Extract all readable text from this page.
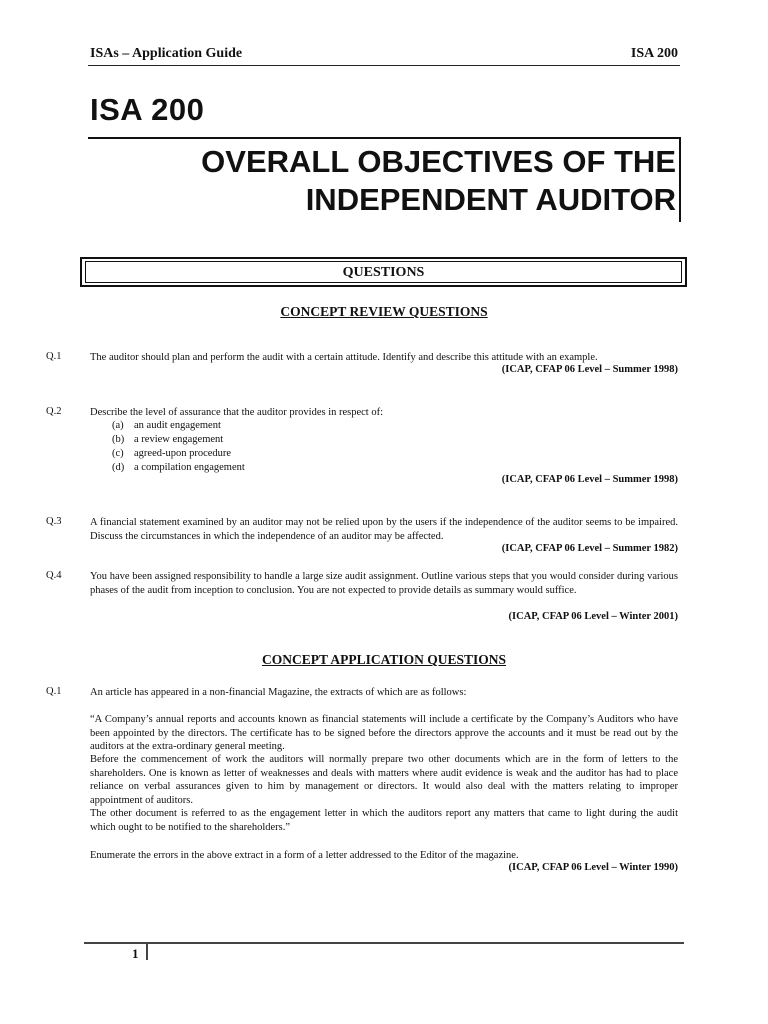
ISAs – Application Guide	ISA 200
ISA 200
OVERALL OBJECTIVES OF THE
INDEPENDENT AUDITOR
QUESTIONS
CONCEPT REVIEW QUESTIONS
Q.1	The auditor should plan and perform the audit with a certain attitude. Identify and describe this attitude with an example.
(ICAP, CFAP 06 Level – Summer 1998)
Q.2	Describe the level of assurance that the auditor provides in respect of:
(a) an audit engagement
(b) a review engagement
(c) agreed-upon procedure
(d) a compilation engagement
(ICAP, CFAP 06 Level – Summer 1998)
Q.3	A financial statement examined by an auditor may not be relied upon by the users if the independence of the auditor seems to be impaired. Discuss the circumstances in which the independence of an auditor may be affected.
(ICAP, CFAP 06 Level – Summer 1982)
Q.4	You have been assigned responsibility to handle a large size audit assignment. Outline various steps that you would consider during various phases of the audit from inception to conclusion. You are not expected to provide details as summary would suffice.
(ICAP, CFAP 06 Level – Winter 2001)
CONCEPT APPLICATION QUESTIONS
Q.1	An article has appeared in a non-financial Magazine, the extracts of which are as follows:
“A Company’s annual reports and accounts known as financial statements will include a certificate by the Company’s Auditors who have been appointed by the directors. The certificate has to be signed before the directors approve the accounts and it must be read out by the auditors at the extra-ordinary general meeting.
Before the commencement of work the auditors will normally prepare two other documents which are in the form of letters to the shareholders. One is known as letter of weaknesses and deals with matters where audit evidence is weak and the auditor has had to place reliance on verbal assurances given to him by management or directors. It would also deal with the matters relating to improper appointment of auditors.
The other document is referred to as the engagement letter in which the auditors report any matters that came to light during the audit which ought to be notified to the shareholders.”
Enumerate the errors in the above extract in a form of a letter addressed to the Editor of the magazine.
(ICAP, CFAP 06 Level – Winter 1990)
1
